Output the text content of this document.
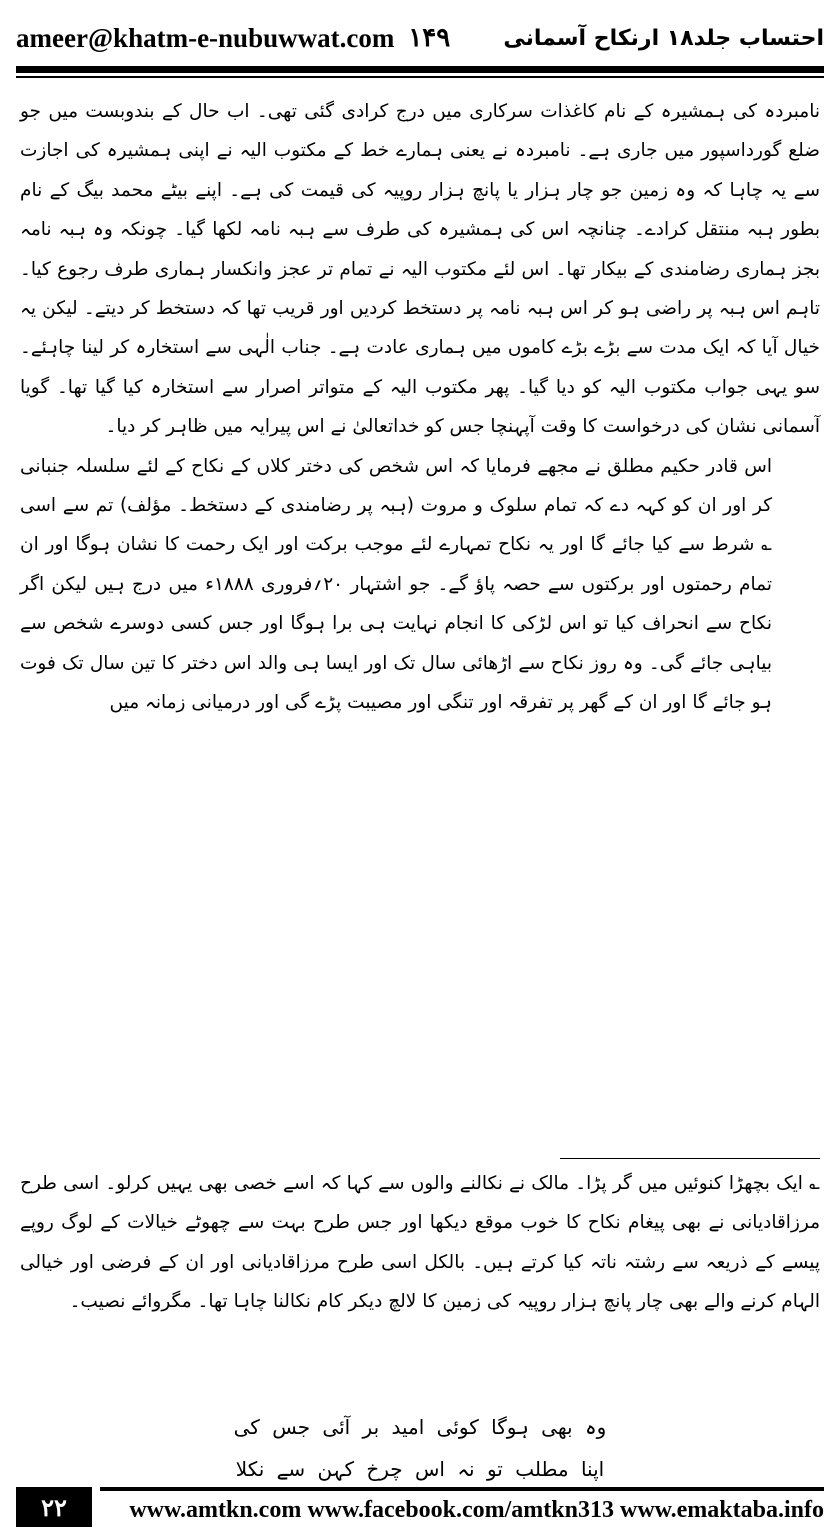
ameer@khatm-e-nubuwwat.com ۱۴۹ احتساب جلد۱۸ ارنکاح آسمانی

نامبردہ کی ہمشیرہ کے نام کاغذات سرکاری میں درج کرادی گئی تھی۔ اب حال کے بندوبست میں جو ضلع گورداسپور میں جاری ہے۔ نامبردہ نے یعنی ہمارے خط کے مکتوب الیہ نے اپنی ہمشیرہ کی اجازت سے یہ چاہا کہ وہ زمین جو چار ہزار یا پانچ ہزار روپیہ کی قیمت کی ہے۔ اپنے بیٹے محمد بیگ کے نام بطور ہبہ منتقل کرادے۔ چنانچہ اس کی ہمشیرہ کی طرف سے ہبہ نامہ لکھا گیا۔ چونکہ وہ ہبہ نامہ بجز ہماری رضامندی کے بیکار تھا۔ اس لئے مکتوب الیہ نے تمام تر عجز وانکسار ہماری طرف رجوع کیا۔ تاہم اس ہبہ پر راضی ہو کر اس ہبہ نامہ پر دستخط کردیں اور قریب تھا کہ دستخط کر دیتے۔ لیکن یہ خیال آیا کہ ایک مدت سے بڑے بڑے کاموں میں ہماری عادت ہے۔ جناب الٰہی سے استخارہ کر لینا چاہئے۔ سو یہی جواب مکتوب الیہ کو دیا گیا۔ پھر مکتوب الیہ کے متواتر اصرار سے استخارہ کیا گیا تھا۔ گویا آسمانی نشان کی درخواست کا وقت آپہنچا جس کو خداتعالیٰ نے اس پیرایہ میں ظاہر کر دیا۔

اس قادر حکیم مطلق نے مجھے فرمایا کہ اس شخص کی دختر کلاں کے نکاح کے لئے سلسلہ جنبانی کر اور ان کو کہہ دے کہ تمام سلوک و مروت (ہبہ پر رضامندی کے دستخط۔ مؤلف) تم سے اسی ؎ شرط سے کیا جائے گا اور یہ نکاح تمہارے لئے موجب برکت اور ایک رحمت کا نشان ہوگا اور ان تمام رحمتوں اور برکتوں سے حصہ پاؤ گے۔ جو اشتہار ۲۰؍فروری ۱۸۸۸ء میں درج ہیں لیکن اگر نکاح سے انحراف کیا تو اس لڑکی کا انجام نہایت ہی برا ہوگا اور جس کسی دوسرے شخص سے بیاہی جائے گی۔ وہ روز نکاح سے اڑھائی سال تک اور ایسا ہی والد اس دختر کا تین سال تک فوت ہو جائے گا اور ان کے گھر پر تفرقہ اور تنگی اور مصیبت پڑے گی اور درمیانی زمانہ میں

؎ ایک بچھڑا کنوئیں میں گر پڑا۔ مالک نے نکالنے والوں سے کہا کہ اسے خصی بھی یہیں کرلو۔ اسی طرح مرزاقادیانی نے بھی پیغام نکاح کا خوب موقع دیکھا اور جس طرح بہت سے چھوٹے خیالات کے لوگ روپے پیسے کے ذریعہ سے رشتہ ناتہ کیا کرتے ہیں۔ بالکل اسی طرح مرزاقادیانی اور ان کے فرضی اور خیالی الہام کرنے والے بھی چار پانچ ہزار روپیہ کی زمین کا لالچ دیکر کام نکالنا چاہا تھا۔ مگروائے نصیب۔
وہ بھی ہوگا کوئی امید بر آئی جس کی
اپنا مطلب تو نہ اس چرخ کہن سے نکلا
۲۲	www.amtkn.com www.facebook.com/amtkn313 www.emaktaba.info
